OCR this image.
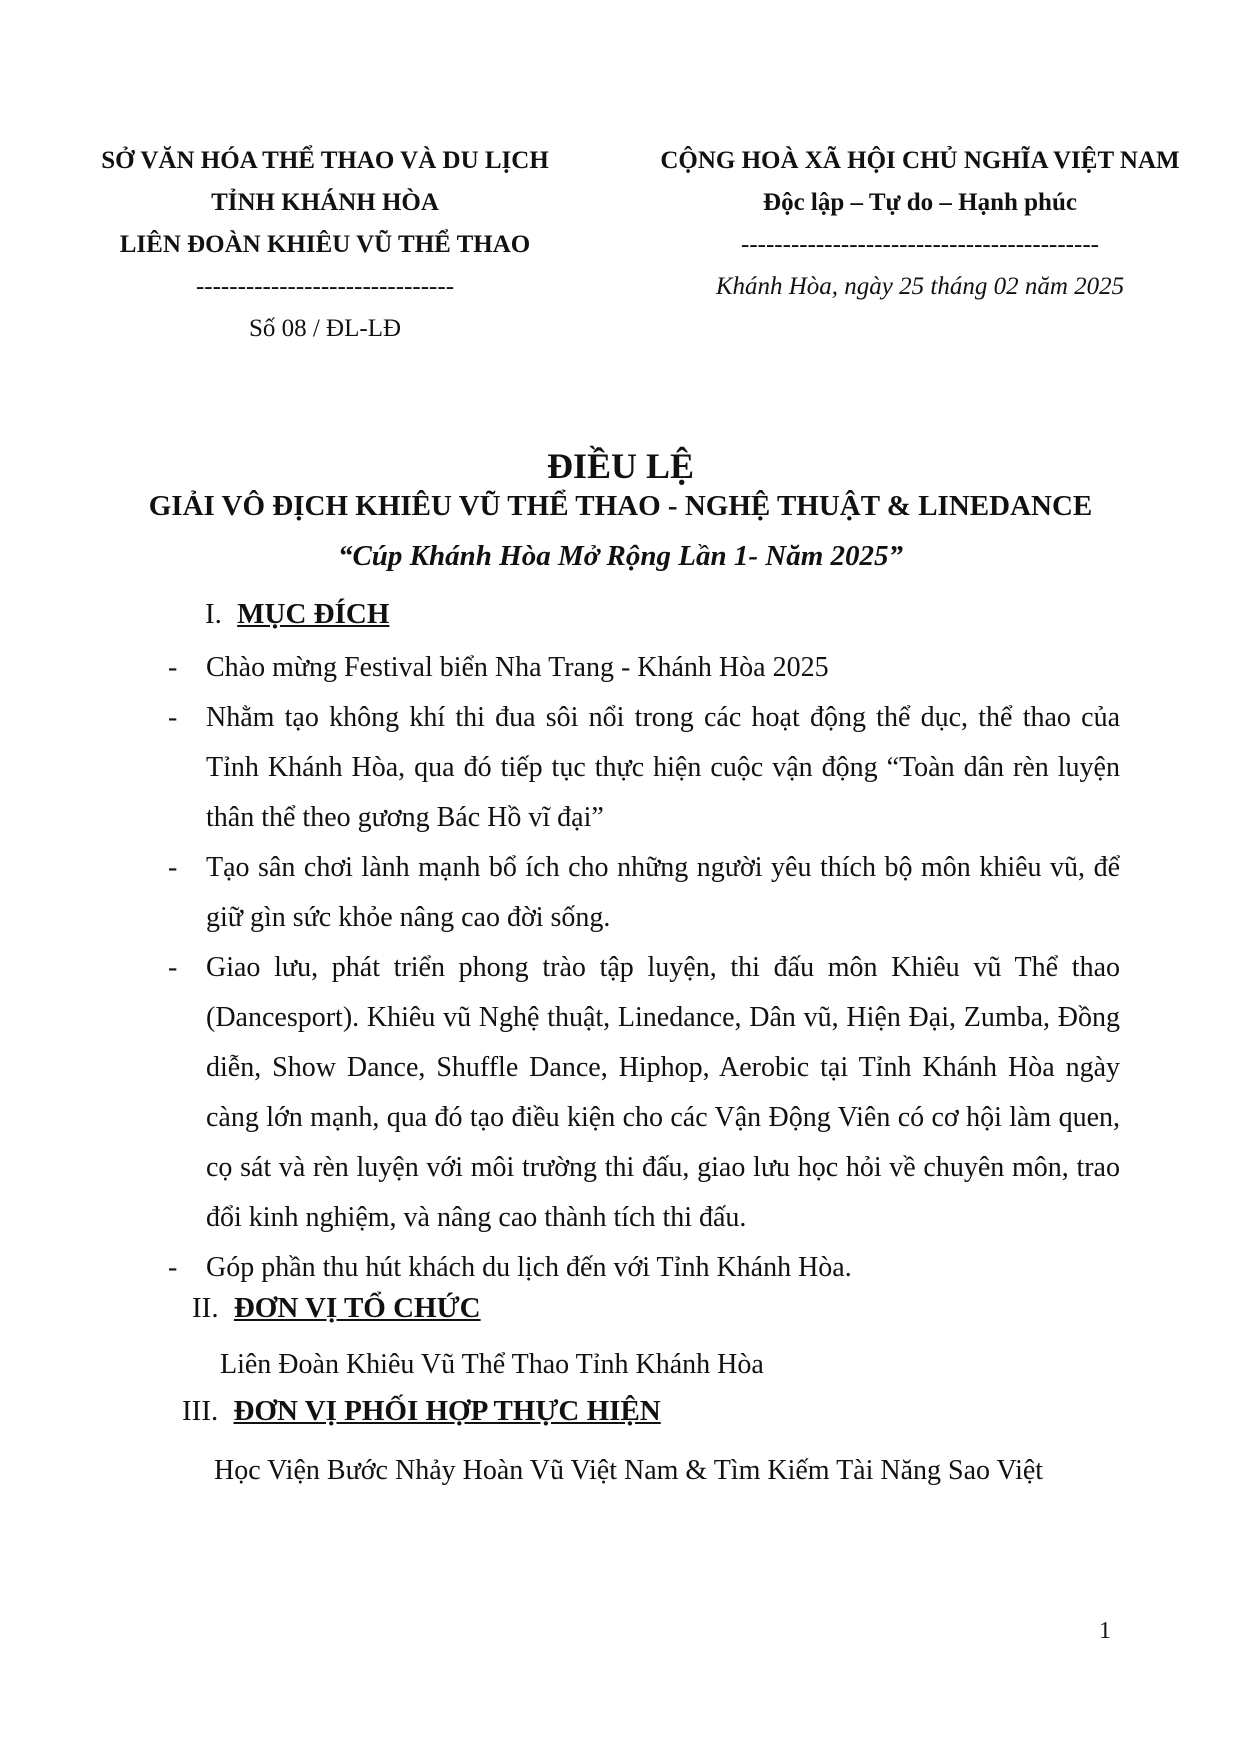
SỞ VĂN HÓA THỂ THAO VÀ DU LỊCH
TỈNH KHÁNH HÒA
LIÊN ĐOÀN KHIÊU VŨ THỂ THAO
-------------------------------
Số 08 / ĐL-LĐ
CỘNG HOÀ XÃ HỘI CHỦ NGHĨA VIỆT NAM
Độc lập – Tự do – Hạnh phúc
-------------------------------------------
Khánh Hòa, ngày 25 tháng 02 năm 2025
ĐIỀU LỆ
GIẢI VÔ ĐỊCH KHIÊU VŨ THỂ THAO - NGHỆ THUẬT & LINEDANCE
“Cúp Khánh Hòa Mở Rộng Lần 1- Năm 2025”
I. MỤC ĐÍCH
- Chào mừng Festival biển Nha Trang - Khánh Hòa 2025
- Nhằm tạo không khí thi đua sôi nổi trong các hoạt động thể dục, thể thao của Tỉnh Khánh Hòa, qua đó tiếp tục thực hiện cuộc vận động “Toàn dân rèn luyện thân thể theo gương Bác Hồ vĩ đại”
- Tạo sân chơi lành mạnh bổ ích cho những người yêu thích bộ môn khiêu vũ, để giữ gìn sức khỏe nâng cao đời sống.
- Giao lưu, phát triển phong trào tập luyện, thi đấu môn Khiêu vũ Thể thao (Dancesport). Khiêu vũ Nghệ thuật, Linedance, Dân vũ, Hiện Đại, Zumba, Đồng diễn, Show Dance, Shuffle Dance, Hiphop, Aerobic tại Tỉnh Khánh Hòa ngày càng lớn mạnh, qua đó tạo điều kiện cho các Vận Động Viên có cơ hội làm quen, cọ sát và rèn luyện với môi trường thi đấu, giao lưu học hỏi về chuyên môn, trao đổi kinh nghiệm, và nâng cao thành tích thi đấu.
- Góp phần thu hút khách du lịch đến với Tỉnh Khánh Hòa.
II. ĐƠN VỊ TỔ CHỨC
Liên Đoàn Khiêu Vũ Thể Thao Tỉnh Khánh Hòa
III. ĐƠN VỊ PHỐI HỢP THỰC HIỆN
Học Viện Bước Nhảy Hoàn Vũ Việt Nam & Tìm Kiếm Tài Năng Sao Việt
1
